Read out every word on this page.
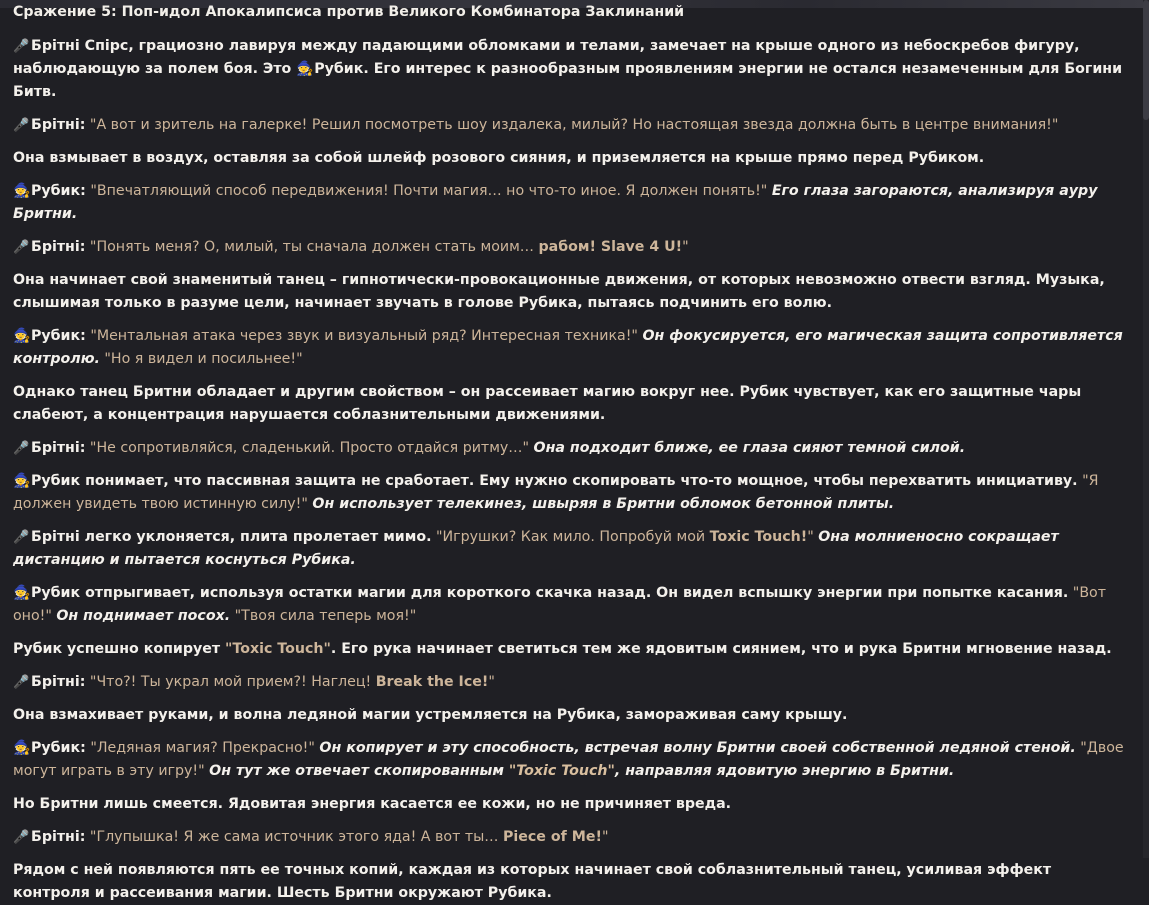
Сражение 5: Поп-идол Апокалипсиса против Великого Комбинатора Заклинаний
🎤 Брітні Спірс, грациозно лавируя между падающими обломками и телами, замечает на крыше одного из небоскребов фигуру, наблюдающую за полем боя. Это 🧙Рубик. Его интерес к разнообразным проявлениям энергии не остался незамеченным для Богини Битв.
🎤 Брітні: "А вот и зритель на галерке! Решил посмотреть шоу издалека, милый? Но настоящая звезда должна быть в центре внимания!"
Она взмывает в воздух, оставляя за собой шлейф розового сияния, и приземляется на крыше прямо перед Рубиком.
🧙Рубик: "Впечатляющий способ передвижения! Почти магия… но что-то иное. Я должен понять!" Его глаза загораются, анализируя ауру Бритни.
🎤 Брітні: "Понять меня? О, милый, ты сначала должен стать моим… рабом! Slave 4 U!"
Она начинает свой знаменитый танец – гипнотически-провокационные движения, от которых невозможно отвести взгляд. Музыка, слышимая только в разуме цели, начинает звучать в голове Рубика, пытаясь подчинить его волю.
🧙Рубик: "Ментальная атака через звук и визуальный ряд? Интересная техника!" Он фокусируется, его магическая защита сопротивляется контролю. "Но я видел и посильнее!"
Однако танец Бритни обладает и другим свойством – он рассеивает магию вокруг нее. Рубик чувствует, как его защитные чары слабеют, а концентрация нарушается соблазнительными движениями.
🎤 Брітні: "Не сопротивляйся, сладенький. Просто отдайся ритму…" Она подходит ближе, ее глаза сияют темной силой.
🧙Рубик понимает, что пассивная защита не сработает. Ему нужно скопировать что-то мощное, чтобы перехватить инициативу. "Я должен увидеть твою истинную силу!" Он использует телекинез, швыряя в Бритни обломок бетонной плиты.
🎤 Брітні легко уклоняется, плита пролетает мимо. "Игрушки? Как мило. Попробуй мой Toxic Touch!" Она молниеносно сокращает дистанцию и пытается коснуться Рубика.
🧙Рубик отпрыгивает, используя остатки магии для короткого скачка назад. Он видел вспышку энергии при попытке касания. "Вот оно!" Он поднимает посох. "Твоя сила теперь моя!"
Рубик успешно копирует "Toxic Touch". Его рука начинает светиться тем же ядовитым сиянием, что и рука Бритни мгновение назад.
🎤 Брітні: "Что?! Ты украл мой прием?! Наглец! Break the Ice!"
Она взмахивает руками, и волна ледяной магии устремляется на Рубика, замораживая саму крышу.
🧙Рубик: "Ледяная магия? Прекрасно!" Он копирует и эту способность, встречая волну Бритни своей собственной ледяной стеной. "Двое могут играть в эту игру!" Он тут же отвечает скопированным "Toxic Touch", направляя ядовитую энергию в Бритни.
Но Бритни лишь смеется. Ядовитая энергия касается ее кожи, но не причиняет вреда.
🎤 Брітні: "Глупышка! Я же сама источник этого яда! А вот ты… Piece of Me!"
Рядом с ней появляются пять ее точных копий, каждая из которых начинает свой соблазнительный танец, усиливая эффект контроля и рассеивания магии. Шесть Бритни окружают Рубика.
